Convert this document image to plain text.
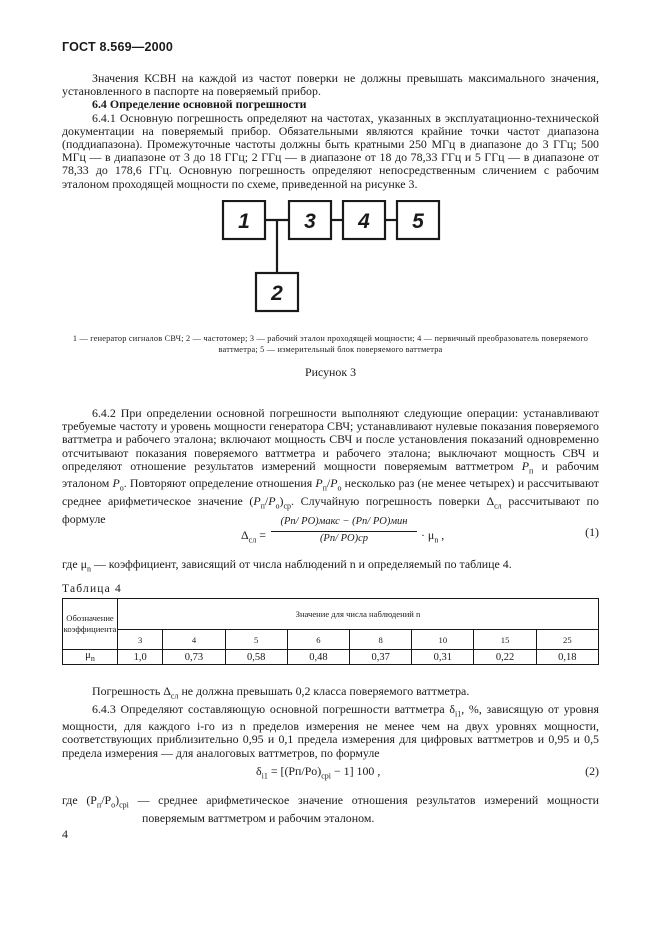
ГОСТ 8.569—2000

Значения КСВН на каждой из частот поверки не должны превышать максимального значения, установленного в паспорте на поверяемый прибор.

6.4 Определение основной погрешности

6.4.1 Основную погрешность определяют на частотах, указанных в эксплуатационно-технической документации на поверяемый прибор. Обязательными являются крайние точки частот диапазона (поддиапазона). Промежуточные частоты должны быть кратными 250 МГц в диапазоне до 3 ГГц; 500 МГц — в диапазоне от 3 до 18 ГГц; 2 ГГц — в диапазоне от 18 до 78,33 ГГц и 5 ГГц — в диапазоне от 78,33 до 178,6 ГГц. Основную погрешность определяют непосредственным сличением с рабочим эталоном проходящей мощности по схеме, приведенной на рисунке 3.

1	3 4 5
2
1 — генератор сигналов СВЧ; 2 — частотомер; 3 — рабочий эталон проходящей мощности; 4 — первичный преобразователь поверяемого ваттметра; 5 — измерительный блок поверяемого ваттметра
Рисунок 3

6.4.2 При определении основной погрешности выполняют следующие операции: устанавливают требуемые частоту и уровень мощности генератора СВЧ; устанавливают нулевые показания поверяемого ваттметра и рабочего эталона; включают мощность СВЧ и после установления показаний одновременно отсчитывают показания поверяемого ваттметра и рабочего эталона; выключают мощность СВЧ и определяют отношение результатов измерений мощности поверяемым ваттметром $Р_п$ и рабочим эталоном $Р_о$. Повторяют определение отношения $Р_п/Р_о$ несколько раз (не менее четырех) и рассчитывают среднее арифметическое значение $(Р_п/Р_о)_{ср}$. Случайную погрешность поверки $\Delta_{сл}$ рассчитывают по формуле

$\Delta_{сл}$ =
(Pп/ PО)макс − (Pп/ PО)мин
(Pп/ PО)ср	· $\mu_n$ ,	(1)

где $\mu_n$ — коэффициент, зависящий от числа наблюдений n и определяемый по таблице 4.

Таблица 4
Обозначение коэффициента	Значение для числа наблюдений n							
	3	4	5	6	8	10	15	25
$\mu_n$	1,0	0,73	0,58	0,48	0,37	0,31	0,22	0,18

Погрешность $\Delta_{сл}$ не должна превышать 0,2 класса поверяемого ваттметра.

6.4.3 Определяют составляющую основной погрешности ваттметра $\delta_{i1}$, %, зависящую от уровня мощности, для каждого i-го из n пределов измерения не менее чем на двух уровнях мощности, соответствующих приблизительно 0,95 и 0,1 предела измерения для цифровых ваттметров и 0,95 и 0,5 предела измерения — для аналоговых ваттметров, по формуле

$\delta_{i1} = [(Pп/Pо)_{срi} - 1]$ 100 ,	(2)

где $(P_п/P_о)_{срi}$ — среднее арифметическое значение отношения результатов измерений мощности поверяемым ваттметром и рабочим эталоном.

4
